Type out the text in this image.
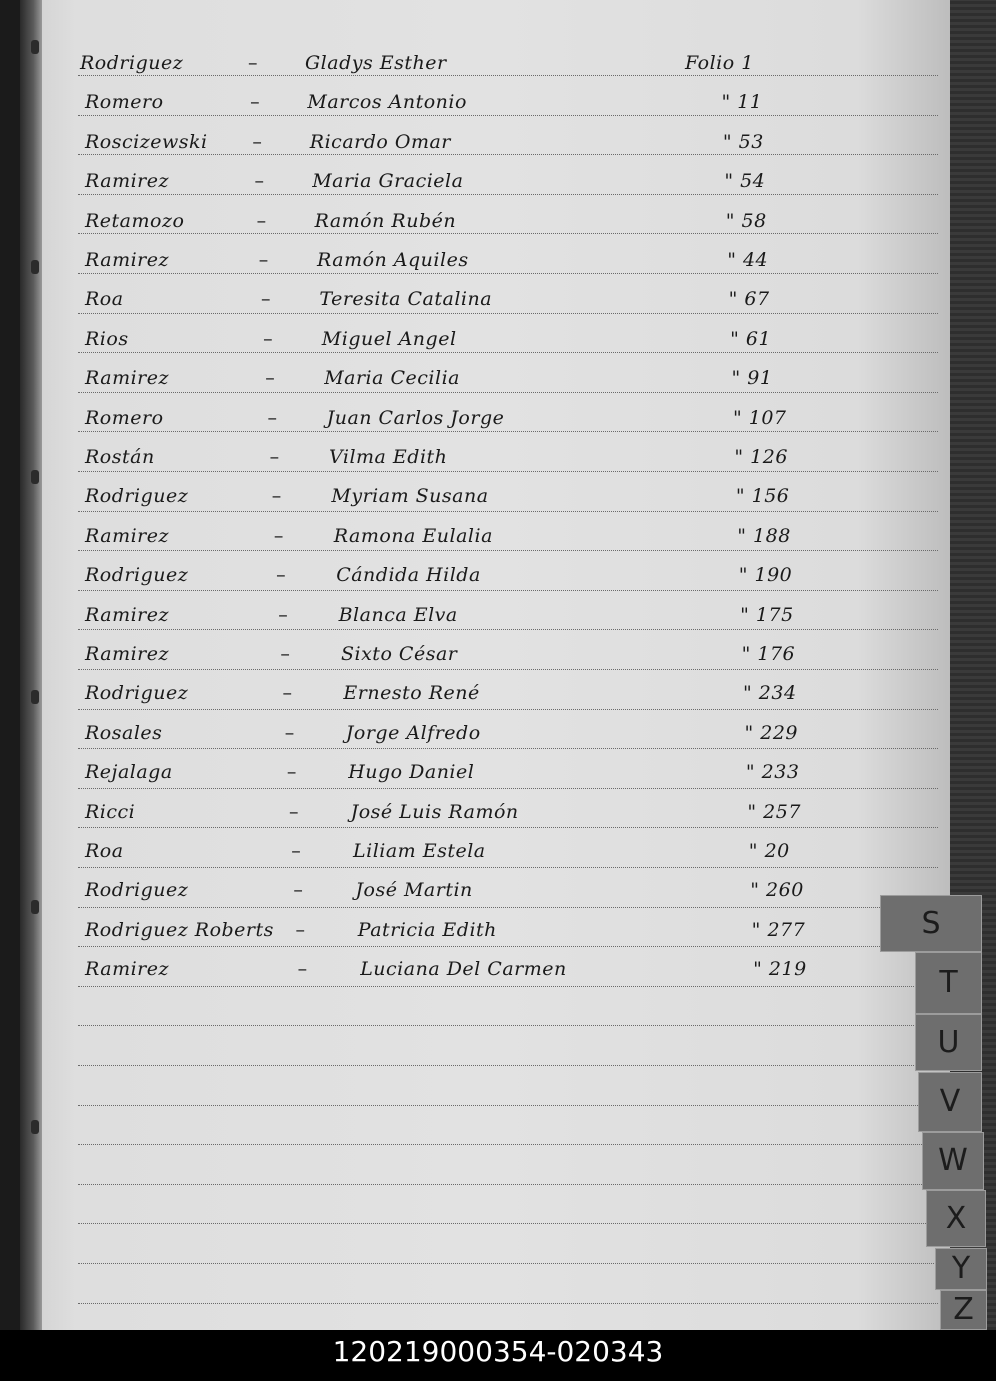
Rodriguez	–	Gladys Esther	Folio 1
Romero	–	Marcos Antonio	" 11
Roscizewski –	Ricardo Omar	" 53
Ramirez	–	Maria Graciela	" 54
Retamozo	–	Ramón Rubén	" 58
Ramirez	–	Ramón Aquiles	" 44
Roa	–	Teresita Catalina	" 67
Rios	–	Miguel Angel	" 61
Ramirez	–	Maria Cecilia	" 91
Romero	–	Juan Carlos Jorge	" 107
Rostán	–	Vilma Edith	" 126
Rodriguez	–	Myriam Susana	" 156
Ramirez	–	Ramona Eulalia	" 188
Rodriguez	–	Cándida Hilda	" 190
Ramirez	–	Blanca Elva	" 175
Ramirez	–	Sixto César	" 176
Rodriguez	–	Ernesto René	" 234
Rosales	–	Jorge Alfredo	" 229
Rejalaga	–	Hugo Daniel	" 233
Ricci	–	José Luis Ramón	" 257
Roa	–	Liliam Estela	" 20
Rodriguez	–	José Martin	" 260
Rodriguez Roberts –	Patricia Edith	" 277
Ramirez	–	Luciana Del Carmen	" 219
S
T
U
V
W
X
Y
Z
120219000354-020343
